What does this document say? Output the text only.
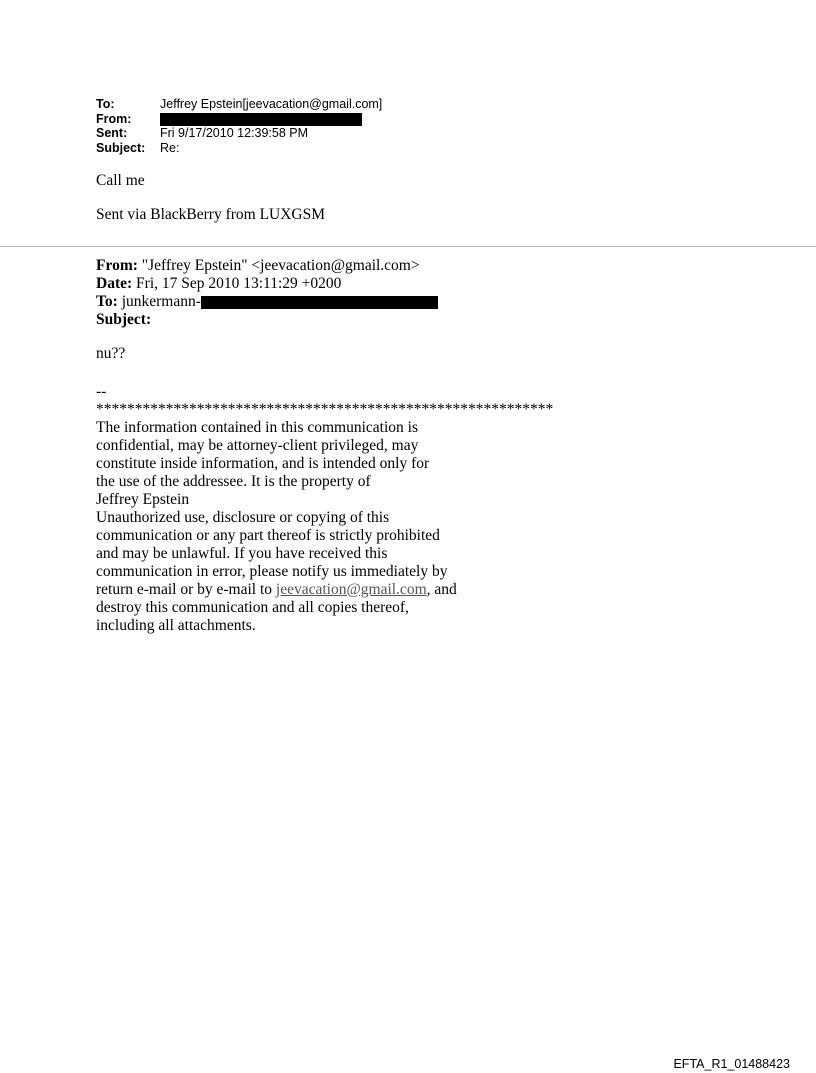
To:	Jeffrey Epstein[jeevacation@gmail.com]
From:
Sent:	Fri 9/17/2010 12:39:58 PM
Subject:	Re:

Call me

Sent via BlackBerry from LUXGSM

From: "Jeffrey Epstein" <jeevacation@gmail.com>
Date: Fri, 17 Sep 2010 13:11:29 +0200
To: junkermann-
Subject:
nu??
--
***********************************************************
The information contained in this communication is
confidential, may be attorney-client privileged, may
constitute inside information, and is intended only for
the use of the addressee. It is the property of
Jeffrey Epstein
Unauthorized use, disclosure or copying of this
communication or any part thereof is strictly prohibited
and may be unlawful. If you have received this
communication in error, please notify us immediately by
return e-mail or by e-mail to jeevacation@gmail.com, and
destroy this communication and all copies thereof,
including all attachments.
EFTA_R1_01488423
